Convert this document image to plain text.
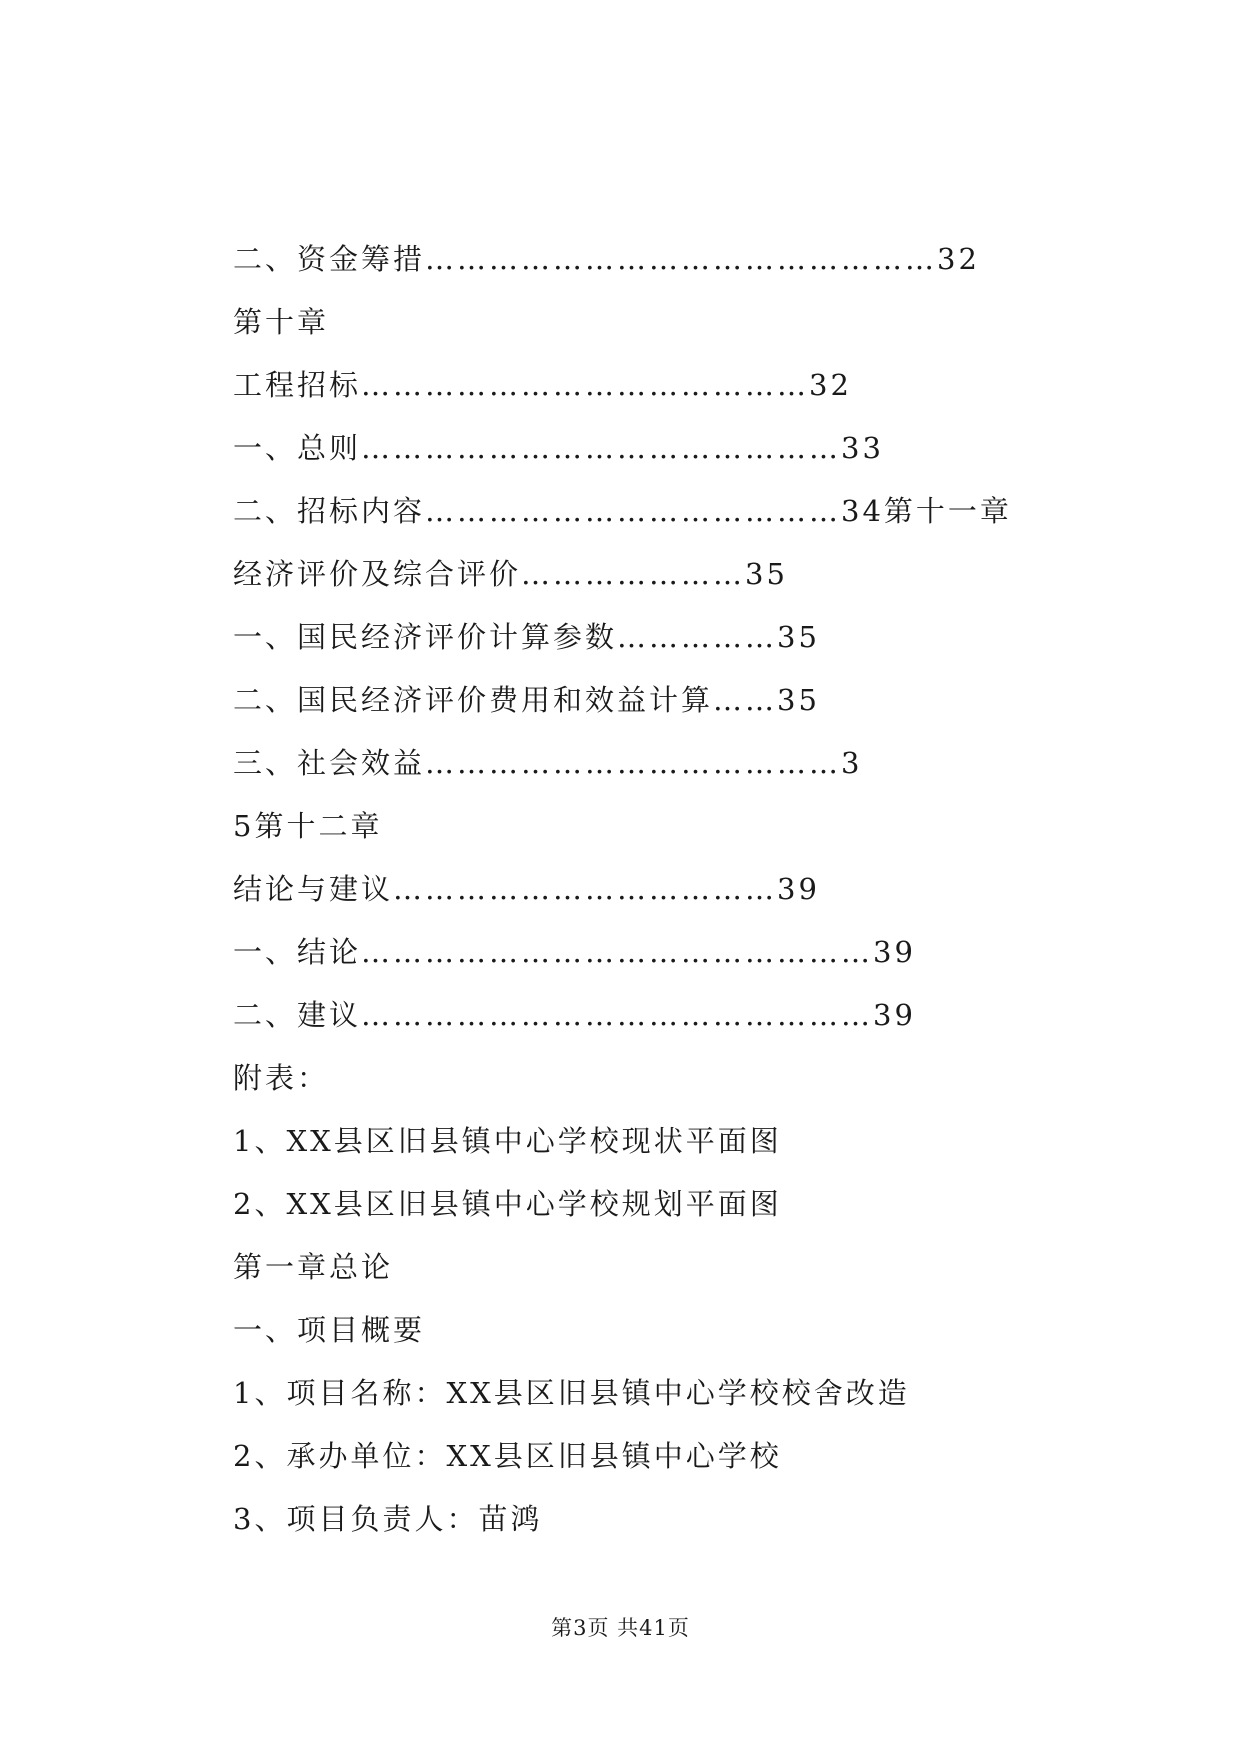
二、资金筹措…………………………………………32
第十章
工程招标……………………………………32
一、总则………………………………………33
二、招标内容…………………………………34第十一章
经济评价及综合评价…………………35
一、国民经济评价计算参数……………35
二、国民经济评价费用和效益计算……35
三、社会效益…………………………………3
5第十二章
结论与建议………………………………39
一、结论…………………………………………39
二、建议…………………………………………39
附表：
1、XX县区旧县镇中心学校现状平面图
2、XX县区旧县镇中心学校规划平面图
第一章总论
一、项目概要
1、项目名称：XX县区旧县镇中心学校校舍改造
2、承办单位：XX县区旧县镇中心学校
3、项目负责人：苗鸿
第3页 共41页
